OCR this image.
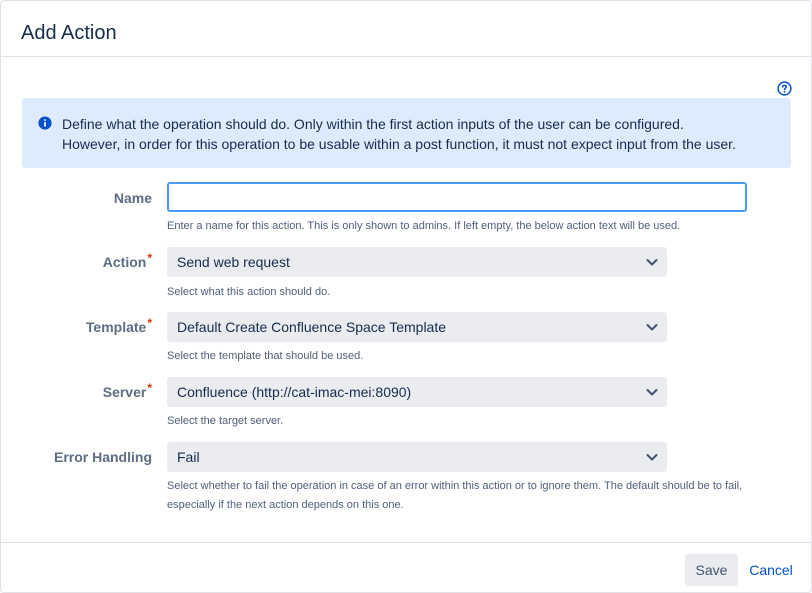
Add Action
Define what the operation should do. Only within the first action inputs of the user can be configured.
However, in order for this operation to be usable within a post function, it must not expect input from the user.
Name
Enter a name for this action. This is only shown to admins. If left empty, the below action text will be used.
Action* Send web request
Select what this action should do.
Template* Default Create Confluence Space Template
Select the template that should be used.
Server* Confluence (http://cat-imac-mei:8090)
Select the target server.
Error Handling Fail
Select whether to fail the operation in case of an error within this action or to ignore them. The default should be to fail,
especially if the next action depends on this one.
Save	Cancel
